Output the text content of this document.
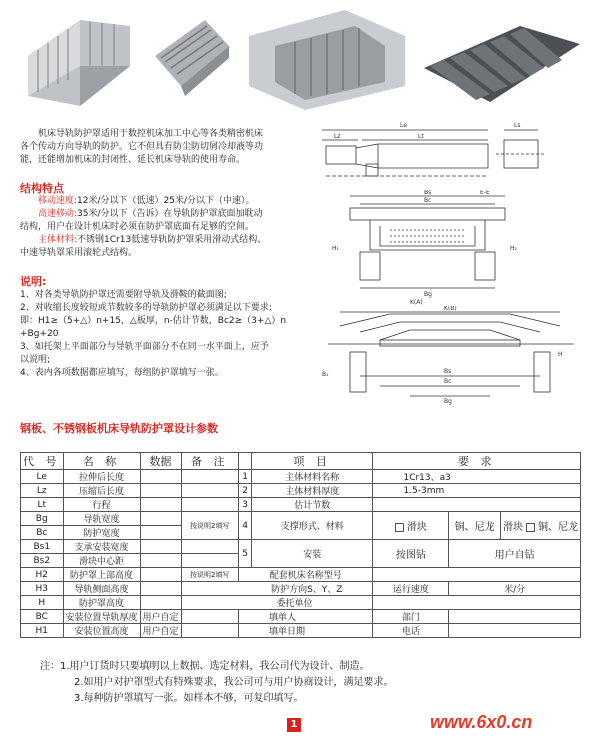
机床导轨防护罩适用于数控机床加工中心等各类精密机床
各个传动方向导轨的防护。它不但具有防尘防切屑冷却液等功
能，还能增加机床的封闭性、延长机床导轨的使用寿命。
结构特点
移动速度:12米/分以下（低速）25米/分以下（中速）。
高速移动:35米/分以下（告诉）在导轨防护罩底面加耽动
结构，用户在设计机床时必须在防护罩底面有足够的空间。
主体材料:不锈钢1Cr13低速导轨防护罩采用滑动式结构、
中速导轨罩采用滚轮式结构。
说明:
1、对各类导轨防护罩还需要附导轨及滑鞍的截面图;
2、对收缩长度较短或节数较多的导轨防护罩必须满足以下要求:
即：H1≥（5+△）n+15，△板厚，n-估计节数，Bc2≥（3+△）n
+Bg+20
3、如托架上平面部分与导轨平面部分不在同一水平面上，应予
以说明;
4、表内各项数据都应填写，每组防护罩填写一张。
Le
Lz	Lt
Ls
Bs
Bc
E-E
Bg
K(A)
H₁	H₂
K(B)
Bs
Bc
Bg
B₁
H
钢板、不锈钢板机床导轨防护罩设计参数
代 号	名 称	数据	备 注		项 目	要 求		
Le	拉伸后长度			1	主体材料名称	1Cr13、a3		
Lz	压缩后长度			2	主体材料厚度	1.5-3mm		
Lt	行程			3	估计节数			
Bg	导轨宽度		按说明2填写	4	支撑形式、材料	滑块	铜、尼龙	滑块 铜、尼龙
Bc	防护宽度							
Bs1	支承安装宽度			5	安装	按图钻	用户自钻	
Bs2	滑块中心距							
H2	防护罩上部高度		按说明2填写	配套机床名称型号				
H3	导轨侧面高度		防护方向S、Y、Z			运行速度	米/分	
H	防护罩高度		委托单位					
BC	安装位置导轨厚度	用户自定		填单人		部门		
H1	安装位置高度	用户自定		填单日期		电话		
注：1.用户订货时只要填明以上数据、选定材料，我公司代为设计、制造。
2.如用户对护罩型式有特殊要求，我公司可与用户协商设计，满足要求。
3.每种防护罩填写一张。如样本不够，可复印填写。
1	www.6x0.cn
